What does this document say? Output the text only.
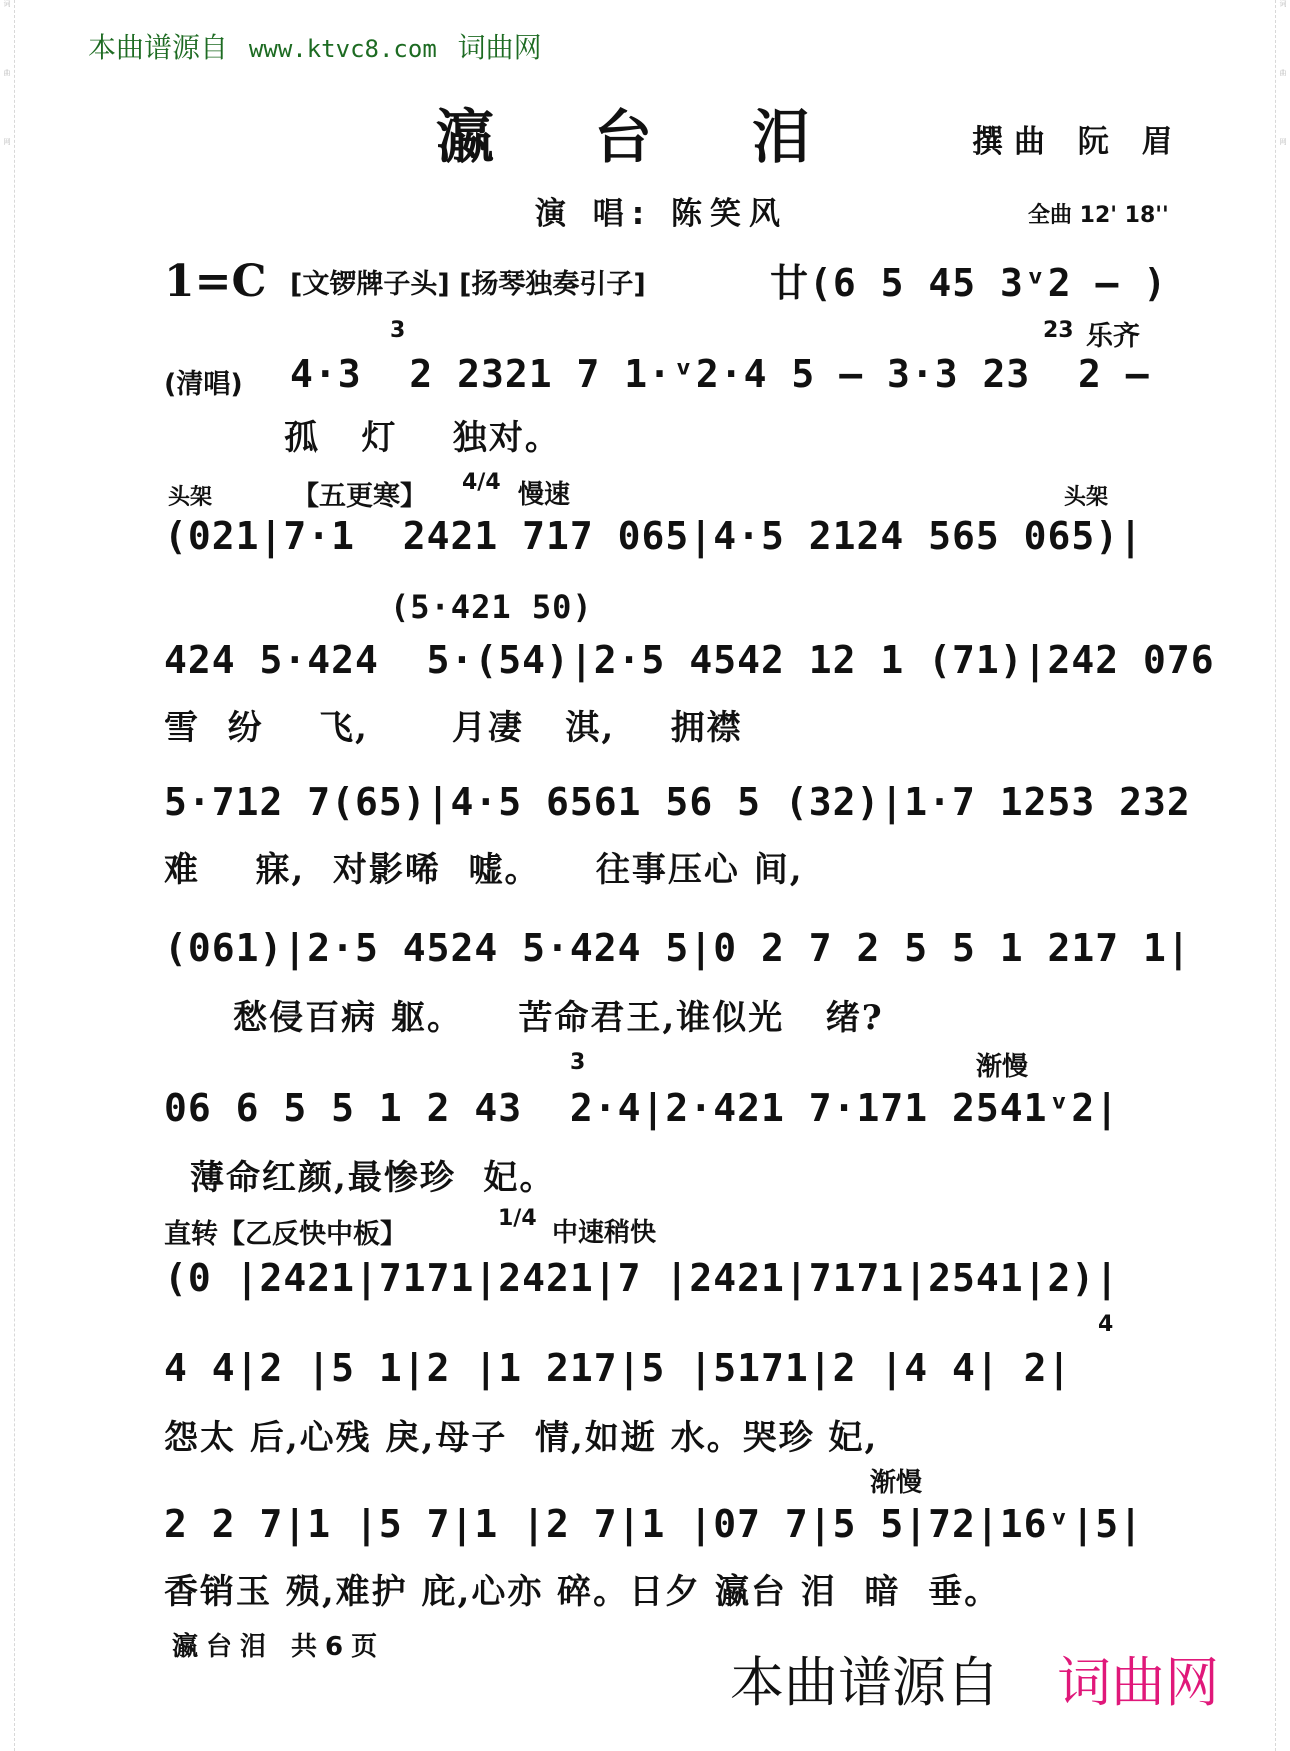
词
曲
网
词
曲
网
本曲谱源自 www.ktvc8.com 词曲网
瀛台泪 撰曲 阮 眉
演 唱: 陈笑风	全曲 12' 18''
1=C [文锣牌子头] [扬琴独奏引子]	廿(6 5 45 3ᵛ2 — )
3	23 乐齐
(清唱) 4·3  2 2321 7 1·ᵛ2·4 5 — 3·3 23  2 —
孤   灯    独对。
头架	【五更寒】 4/4 慢速	头架
(021|7·1  2421 717 065|4·5 2124 565 065)|
(5·421 50)
424 5·424  5·(54)|2·5 4542 12 1 (71)|242 076
雪  纷    飞,      月凄   淇,    拥襟
5·712 7(65)|4·5 6561 56 5 (32)|1·7 1253 232
难    寐,  对影唏  嘘。    往事压心 间,
(061)|2·5 4524 5·424 5|0 2 7 2 5 5 1 217 1|
愁侵百病 躯。    苦命君王,谁似光   绪?
3	渐慢
06 6 5 5 1 2 43  2·4|2·421 7·171 2541ᵛ2|
薄命红颜,最惨珍  妃。
直转【乙反快中板】
1/4 中速稍快
(0 |2421|7171|2421|7 |2421|7171|2541|2)|
4
4 4|2 |5 1|2 |1 217|5 |5171|2 |4 4| 2|
怨太 后,心残 戾,母子  情,如逝 水。哭珍 妃,
渐慢
2 2 7|1 |5 7|1 |2 7|1 |07 7|5 5|72|16ᵛ|5|
香销玉 殒,难护 庇,心亦 碎。日夕 瀛台 泪  暗  垂。
瀛台泪 共6页
本曲谱源自 词曲网
